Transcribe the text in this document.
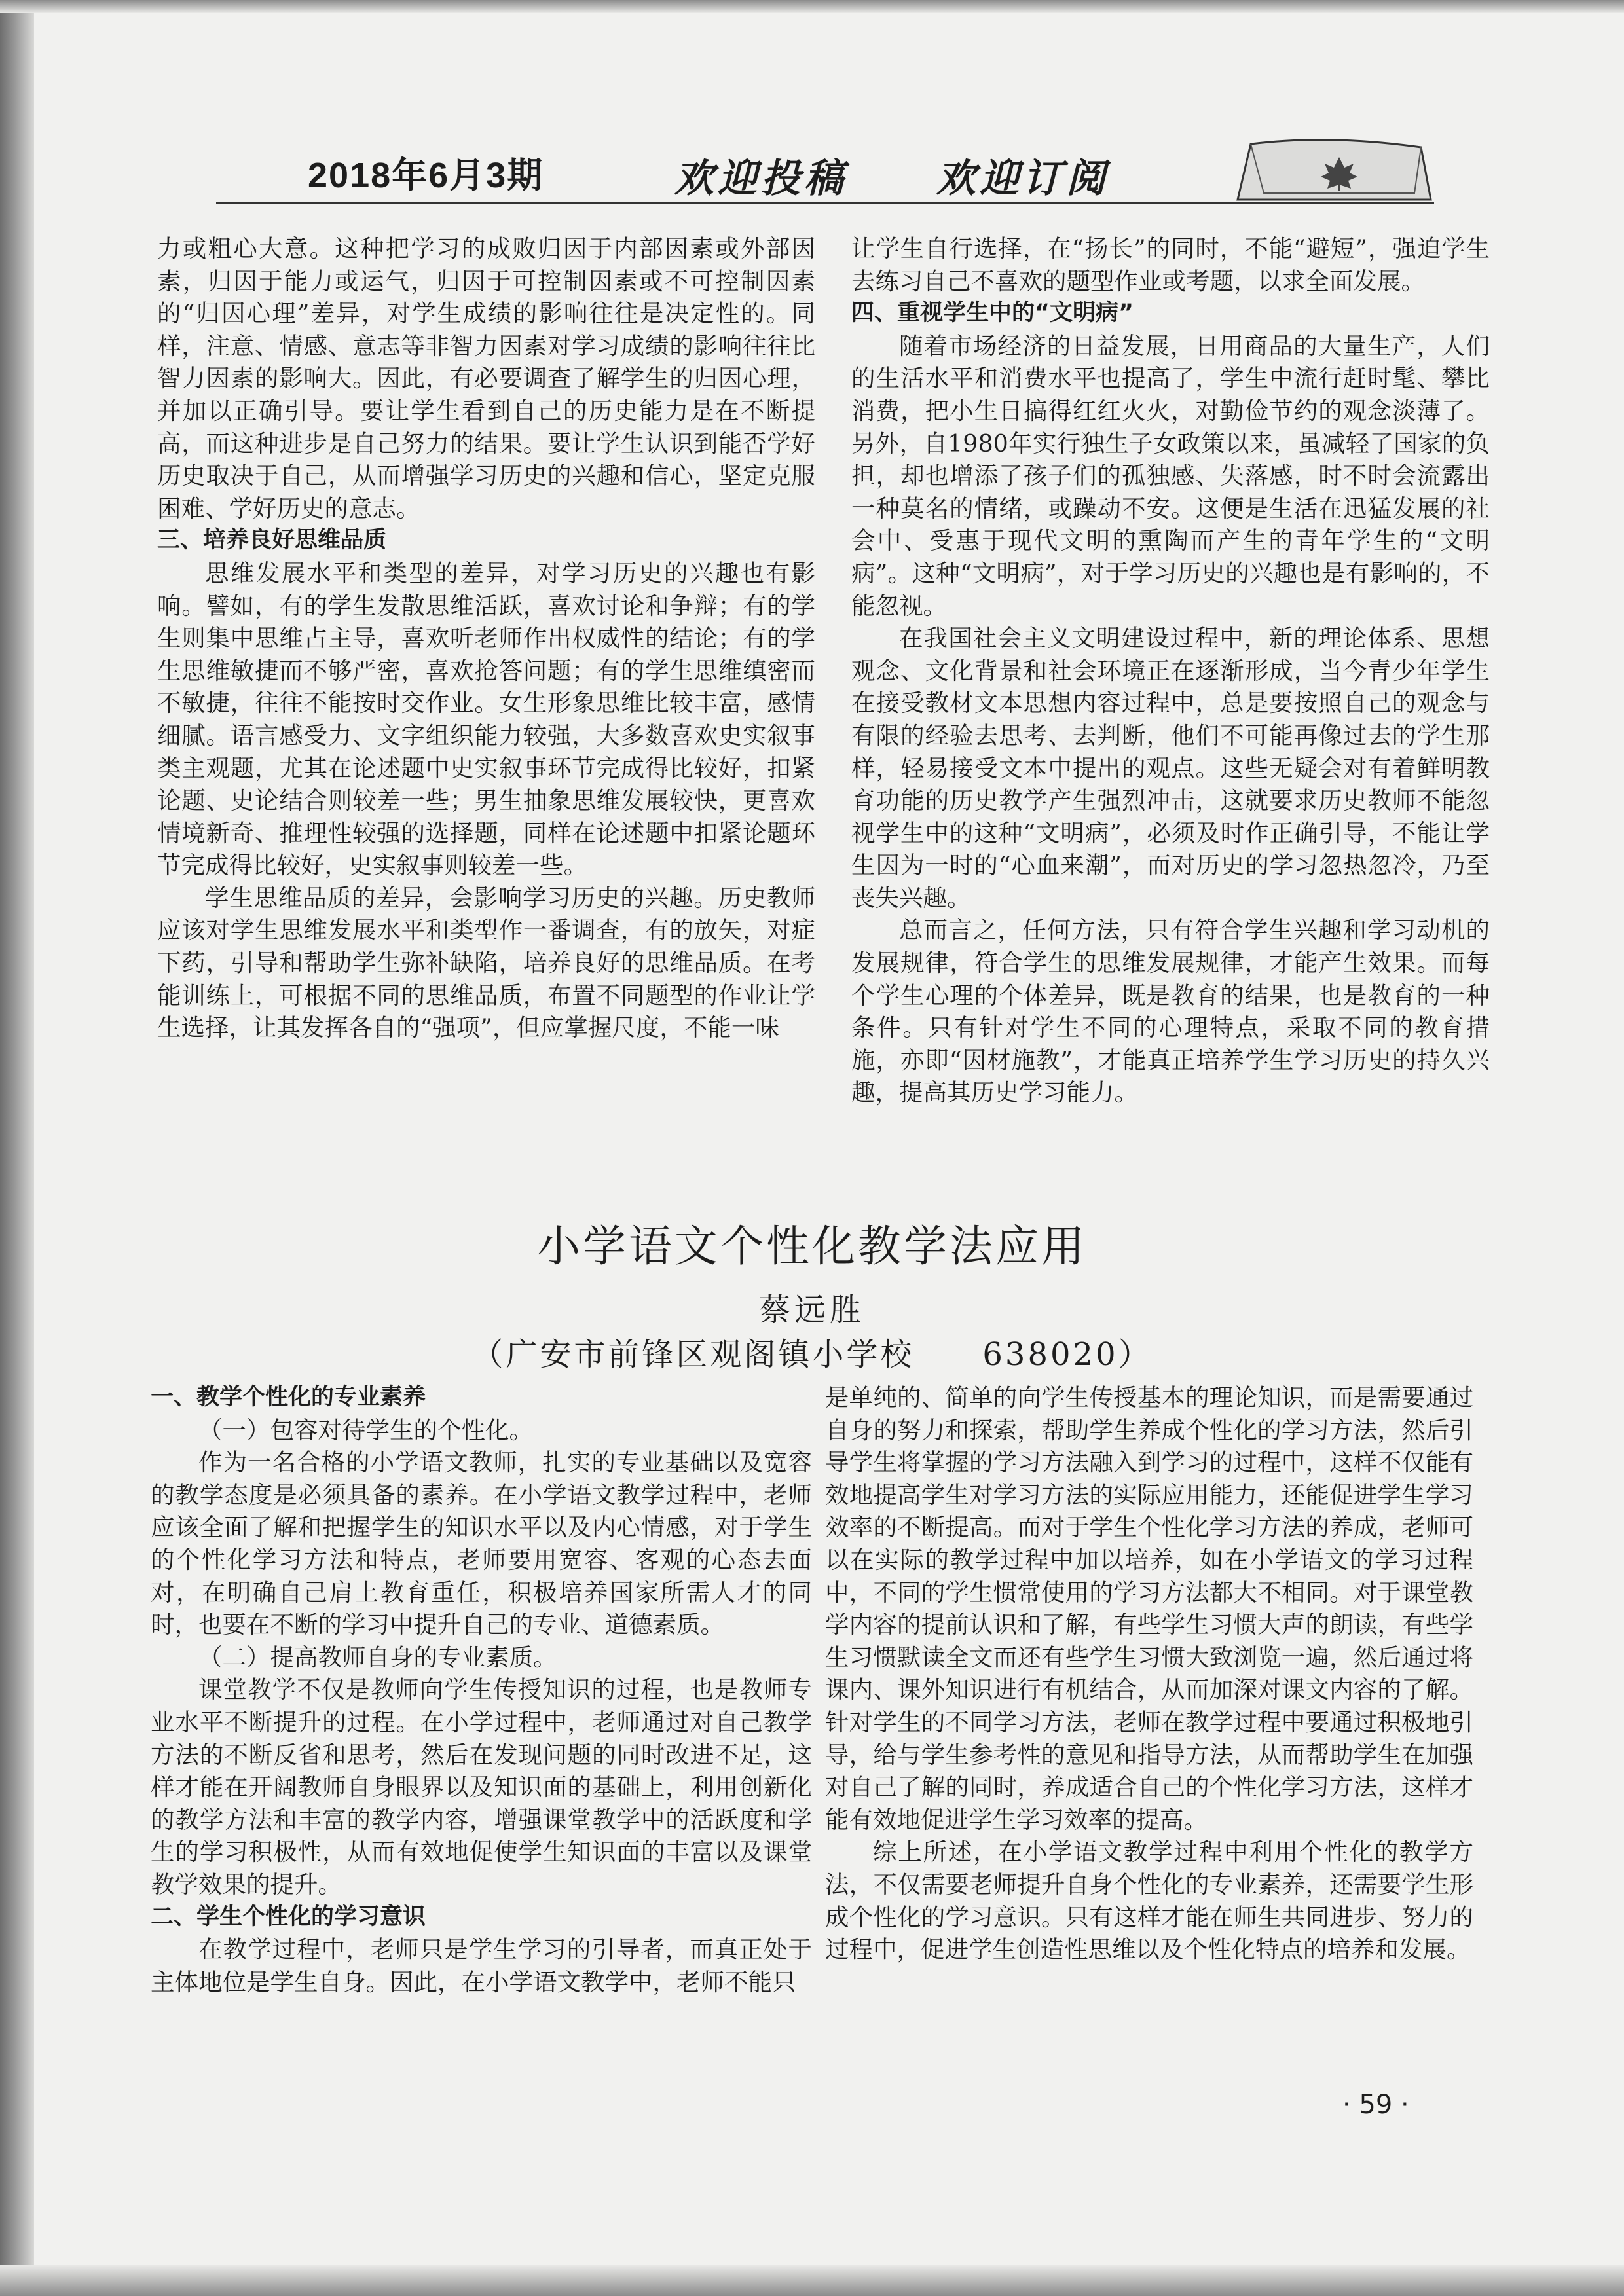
2018年6月3期	欢迎投稿 欢迎订阅

力或粗心大意。这种把学习的成败归因于内部因素或外部因素，归因于能力或运气，归因于可控制因素或不可控制因素的“归因心理”差异，对学生成绩的影响往往是决定性的。同样，注意、情感、意志等非智力因素对学习成绩的影响往往比智力因素的影响大。因此，有必要调查了解学生的归因心理，并加以正确引导。要让学生看到自己的历史能力是在不断提高，而这种进步是自己努力的结果。要让学生认识到能否学好历史取决于自己，从而增强学习历史的兴趣和信心，坚定克服困难、学好历史的意志。

三、培养良好思维品质

思维发展水平和类型的差异，对学习历史的兴趣也有影响。譬如，有的学生发散思维活跃，喜欢讨论和争辩；有的学生则集中思维占主导，喜欢听老师作出权威性的结论；有的学生思维敏捷而不够严密，喜欢抢答问题；有的学生思维缜密而不敏捷，往往不能按时交作业。女生形象思维比较丰富，感情细腻。语言感受力、文字组织能力较强，大多数喜欢史实叙事类主观题，尤其在论述题中史实叙事环节完成得比较好，扣紧论题、史论结合则较差一些；男生抽象思维发展较快，更喜欢情境新奇、推理性较强的选择题，同样在论述题中扣紧论题环节完成得比较好，史实叙事则较差一些。

学生思维品质的差异，会影响学习历史的兴趣。历史教师应该对学生思维发展水平和类型作一番调查，有的放矢，对症下药，引导和帮助学生弥补缺陷，培养良好的思维品质。在考能训练上，可根据不同的思维品质，布置不同题型的作业让学生选择，让其发挥各自的“强项”，但应掌握尺度，不能一味

让学生自行选择，在“扬长”的同时，不能“避短”，强迫学生去练习自己不喜欢的题型作业或考题，以求全面发展。

四、重视学生中的“文明病”

随着市场经济的日益发展，日用商品的大量生产，人们的生活水平和消费水平也提高了，学生中流行赶时髦、攀比消费，把小生日搞得红红火火，对勤俭节约的观念淡薄了。另外，自1980年实行独生子女政策以来，虽减轻了国家的负担，却也增添了孩子们的孤独感、失落感，时不时会流露出一种莫名的情绪，或躁动不安。这便是生活在迅猛发展的社会中、受惠于现代文明的熏陶而产生的青年学生的“文明病”。这种“文明病”，对于学习历史的兴趣也是有影响的，不能忽视。

在我国社会主义文明建设过程中，新的理论体系、思想观念、文化背景和社会环境正在逐渐形成，当今青少年学生在接受教材文本思想内容过程中，总是要按照自己的观念与有限的经验去思考、去判断，他们不可能再像过去的学生那样，轻易接受文本中提出的观点。这些无疑会对有着鲜明教育功能的历史教学产生强烈冲击，这就要求历史教师不能忽视学生中的这种“文明病”，必须及时作正确引导，不能让学生因为一时的“心血来潮”，而对历史的学习忽热忽冷，乃至丧失兴趣。

总而言之，任何方法，只有符合学生兴趣和学习动机的发展规律，符合学生的思维发展规律，才能产生效果。而每个学生心理的个体差异，既是教育的结果，也是教育的一种条件。只有针对学生不同的心理特点，采取不同的教育措施，亦即“因材施教”，才能真正培养学生学习历史的持久兴趣，提高其历史学习能力。

小学语文个性化教学法应用
蔡远胜
（广安市前锋区观阁镇小学校　　638020）
一、教学个性化的专业素养
（一）包容对待学生的个性化。

作为一名合格的小学语文教师，扎实的专业基础以及宽容的教学态度是必须具备的素养。在小学语文教学过程中，老师应该全面了解和把握学生的知识水平以及内心情感，对于学生的个性化学习方法和特点，老师要用宽容、客观的心态去面对，在明确自己肩上教育重任，积极培养国家所需人才的同时，也要在不断的学习中提升自己的专业、道德素质。

（二）提高教师自身的专业素质。

课堂教学不仅是教师向学生传授知识的过程，也是教师专业水平不断提升的过程。在小学过程中，老师通过对自己教学方法的不断反省和思考，然后在发现问题的同时改进不足，这样才能在开阔教师自身眼界以及知识面的基础上，利用创新化的教学方法和丰富的教学内容，增强课堂教学中的活跃度和学生的学习积极性，从而有效地促使学生知识面的丰富以及课堂教学效果的提升。

二、学生个性化的学习意识

在教学过程中，老师只是学生学习的引导者，而真正处于主体地位是学生自身。因此，在小学语文教学中，老师不能只

是单纯的、简单的向学生传授基本的理论知识，而是需要通过自身的努力和探索，帮助学生养成个性化的学习方法，然后引导学生将掌握的学习方法融入到学习的过程中，这样不仅能有效地提高学生对学习方法的实际应用能力，还能促进学生学习效率的不断提高。而对于学生个性化学习方法的养成，老师可以在实际的教学过程中加以培养，如在小学语文的学习过程中，不同的学生惯常使用的学习方法都大不相同。对于课堂教学内容的提前认识和了解，有些学生习惯大声的朗读，有些学生习惯默读全文而还有些学生习惯大致浏览一遍，然后通过将课内、课外知识进行有机结合，从而加深对课文内容的了解。针对学生的不同学习方法，老师在教学过程中要通过积极地引导，给与学生参考性的意见和指导方法，从而帮助学生在加强对自己了解的同时，养成适合自己的个性化学习方法，这样才能有效地促进学生学习效率的提高。

综上所述，在小学语文教学过程中利用个性化的教学方法，不仅需要老师提升自身个性化的专业素养，还需要学生形成个性化的学习意识。只有这样才能在师生共同进步、努力的过程中，促进学生创造性思维以及个性化特点的培养和发展。

· 59 ·
